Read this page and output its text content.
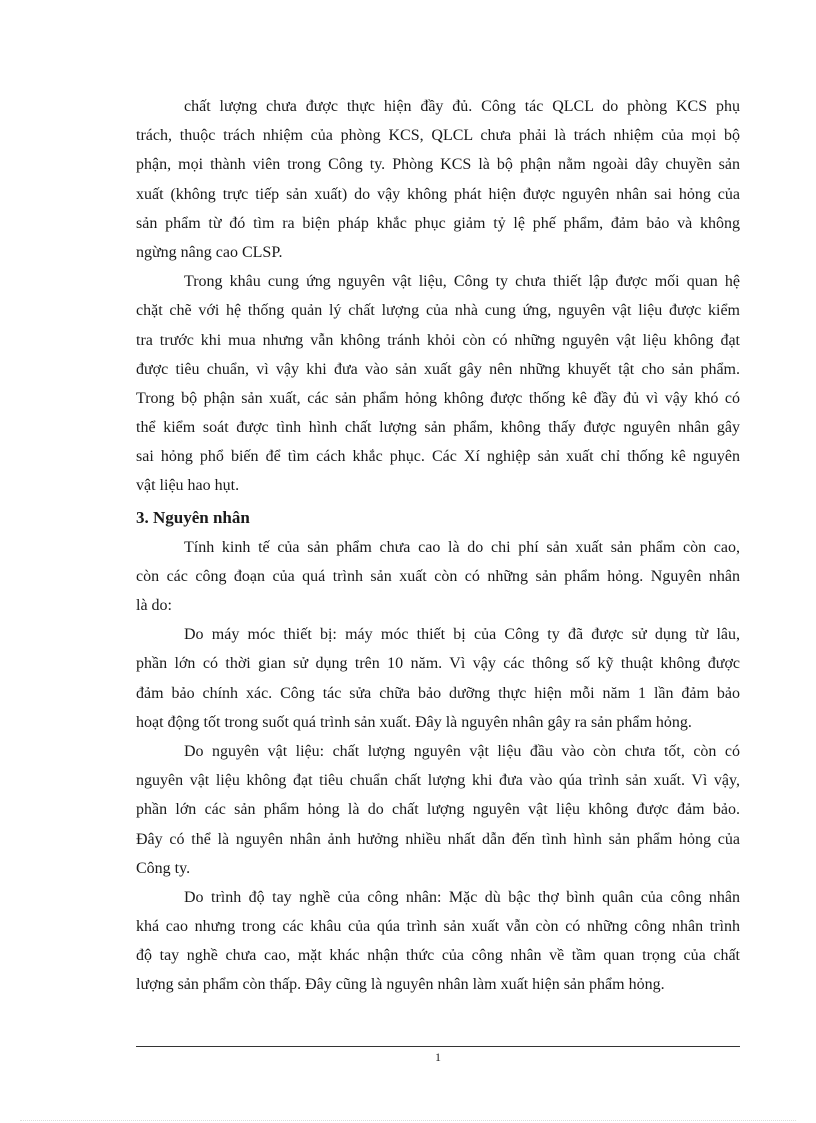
chất lượng chưa được thực hiện đầy đủ. Công tác QLCL do phòng KCS phụ
trách, thuộc trách nhiệm của phòng KCS, QLCL chưa phải là trách nhiệm của mọi bộ
phận, mọi thành viên trong Công ty. Phòng KCS là bộ phận nằm ngoài dây chuyền sản
xuất (không trực tiếp sản xuất) do vậy không phát hiện được nguyên nhân sai hỏng của
sản phẩm từ đó tìm ra biện pháp khắc phục giảm tỷ lệ phế phẩm, đảm bảo và không
ngừng nâng cao CLSP.
Trong khâu cung ứng nguyên vật liệu, Công ty chưa thiết lập được mối quan hệ
chặt chẽ với hệ thống quản lý chất lượng của nhà cung ứng, nguyên vật liệu được kiểm
tra trước khi mua nhưng vẫn không tránh khỏi còn có những nguyên vật liệu không đạt
được tiêu chuẩn, vì vậy khi đưa vào sản xuất gây nên những khuyết tật cho sản phẩm.
Trong bộ phận sản xuất, các sản phẩm hỏng không được thống kê đầy đủ vì vậy khó có
thể kiểm soát được tình hình chất lượng sản phẩm, không thấy được nguyên nhân gây
sai hỏng phổ biến để tìm cách khắc phục. Các Xí nghiệp sản xuất chỉ thống kê nguyên
vật liệu hao hụt.
3. Nguyên nhân
Tính kinh tế của sản phẩm chưa cao là do chi phí sản xuất sản phẩm còn cao,
còn các công đoạn của quá trình sản xuất còn có những sản phẩm hỏng. Nguyên nhân
là do:
Do máy móc thiết bị: máy móc thiết bị của Công ty đã được sử dụng từ lâu,
phần lớn có thời gian sử dụng trên 10 năm. Vì vậy các thông số kỹ thuật không được
đảm bảo chính xác. Công tác sửa chữa bảo dưỡng thực hiện mỗi năm 1 lần đảm bảo
hoạt động tốt trong suốt quá trình sản xuất. Đây là nguyên nhân gây ra sản phẩm hỏng.
Do nguyên vật liệu: chất lượng nguyên vật liệu đầu vào còn chưa tốt, còn có
nguyên vật liệu không đạt tiêu chuẩn chất lượng khi đưa vào qúa trình sản xuất. Vì vậy,
phần lớn các sản phẩm hỏng là do chất lượng nguyên vật liệu không được đảm bảo.
Đây có thể là nguyên nhân ảnh hưởng nhiều nhất dẫn đến tình hình sản phẩm hỏng của
Công ty.
Do trình độ tay nghề của công nhân: Mặc dù bậc thợ bình quân của công nhân
khá cao nhưng trong các khâu của qúa trình sản xuất vẫn còn có những công nhân trình
độ tay nghề chưa cao, mặt khác nhận thức của công nhân về tầm quan trọng của chất
lượng sản phẩm còn thấp. Đây cũng là nguyên nhân làm xuất hiện sản phẩm hỏng.
1
